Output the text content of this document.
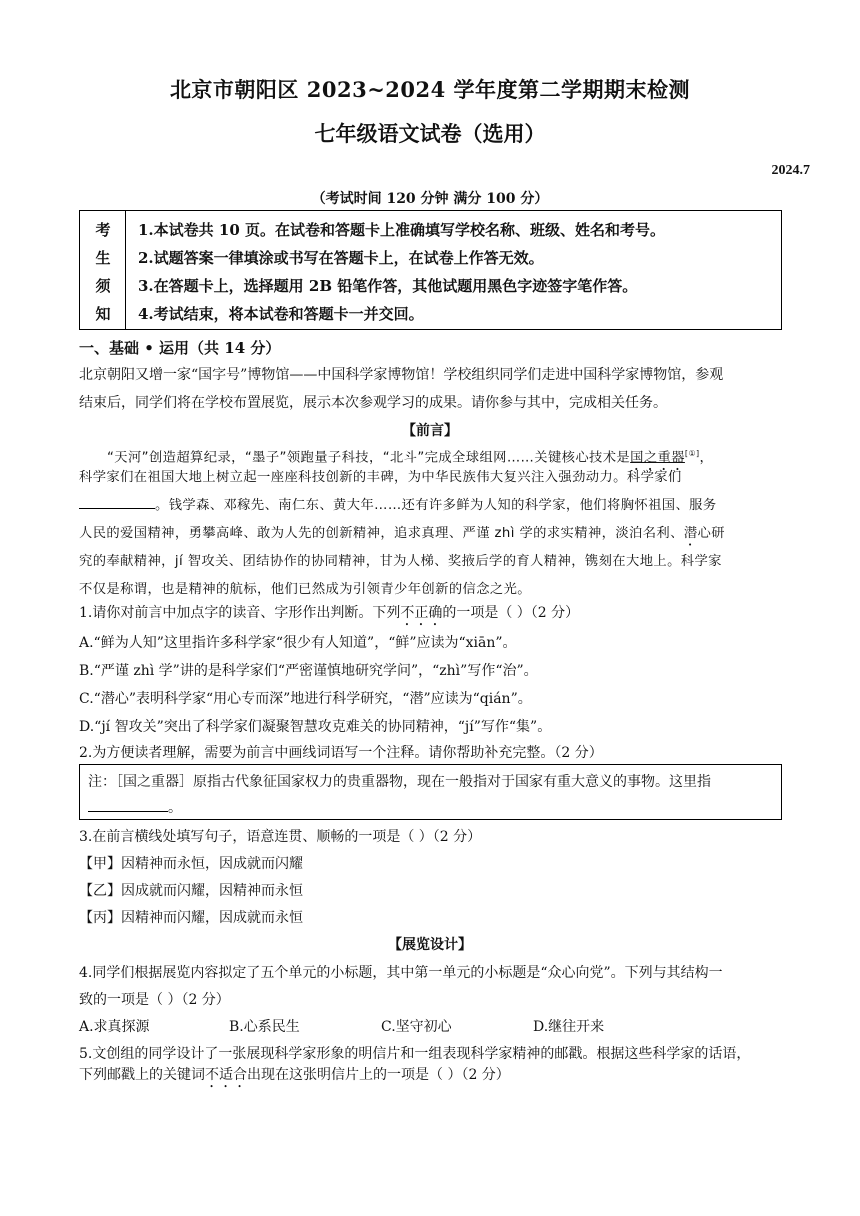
北京市朝阳区 2023~2024 学年度第二学期期末检测
七年级语文试卷（选用）
2024.7
（考试时间 120 分钟 满分 100 分）
考
生
须
知
1.本试卷共 10 页。在试卷和答题卡上准确填写学校名称、班级、姓名和考号。
2.试题答案一律填涂或书写在答题卡上，在试卷上作答无效。
3.在答题卡上，选择题用 2B 铅笔作答，其他试题用黑色字迹签字笔作答。
4.考试结束，将本试卷和答题卡一并交回。
一、基础 • 运用（共 14 分）
北京朝阳又增一家“国字号”博物馆——中国科学家博物馆！学校组织同学们走进中国科学家博物馆，参观
结束后，同学们将在学校布置展览，展示本次参观学习的成果。请你参与其中，完成相关任务。
【前言】
“天河”创造超算纪录，“墨子”领跑量子科技，“北斗”完成全球组网……关键核心技术是国之重器[①]，
科学家们在祖国大地上树立起一座座科技创新的丰碑，为中华民族伟大复兴注入强劲动力。科学家们
。钱学森、邓稼先、南仁东、黄大年……还有许多鲜为人知的科学家，他们将胸怀祖国、服务
人民的爱国精神，勇攀高峰、敢为人先的创新精神，追求真理、严谨 zhì 学的求实精神，淡泊名利、潜心研
究的奉献精神，jí 智攻关、团结协作的协同精神，甘为人梯、奖掖后学的育人精神，镌刻在大地上。科学家
不仅是称谓，也是精神的航标，他们已然成为引领青少年创新的信念之光。
1.请你对前言中加点字的读音、字形作出判断。下列不正确的一项是（ ）（2 分）
A.“鲜为人知”这里指许多科学家“很少有人知道”，“鲜”应读为“xiān”。
B.“严谨 zhì 学”讲的是科学家们“严密谨慎地研究学问”，“zhì”写作“治”。
C.“潜心”表明科学家“用心专而深”地进行科学研究，“潜”应读为“qián”。
D.“jí 智攻关”突出了科学家们凝聚智慧攻克难关的协同精神，“jí”写作“集”。
2.为方便读者理解，需要为前言中画线词语写一个注释。请你帮助补充完整。（2 分）
注：［国之重器］原指古代象征国家权力的贵重器物，现在一般指对于国家有重大意义的事物。这里指
。
3.在前言横线处填写句子，语意连贯、顺畅的一项是（ ）（2 分）
【甲】因精神而永恒，因成就而闪耀
【乙】因成就而闪耀，因精神而永恒
【丙】因精神而闪耀，因成就而永恒
【展览设计】
4.同学们根据展览内容拟定了五个单元的小标题，其中第一单元的小标题是“众心向党”。下列与其结构一
致的一项是（ ）（2 分）
A.求真探源	B.心系民生	C.坚守初心	D.继往开来
5.文创组的同学设计了一张展现科学家形象的明信片和一组表现科学家精神的邮戳。根据这些科学家的话语，
下列邮戳上的关键词不适合出现在这张明信片上的一项是（ ）（2 分）
